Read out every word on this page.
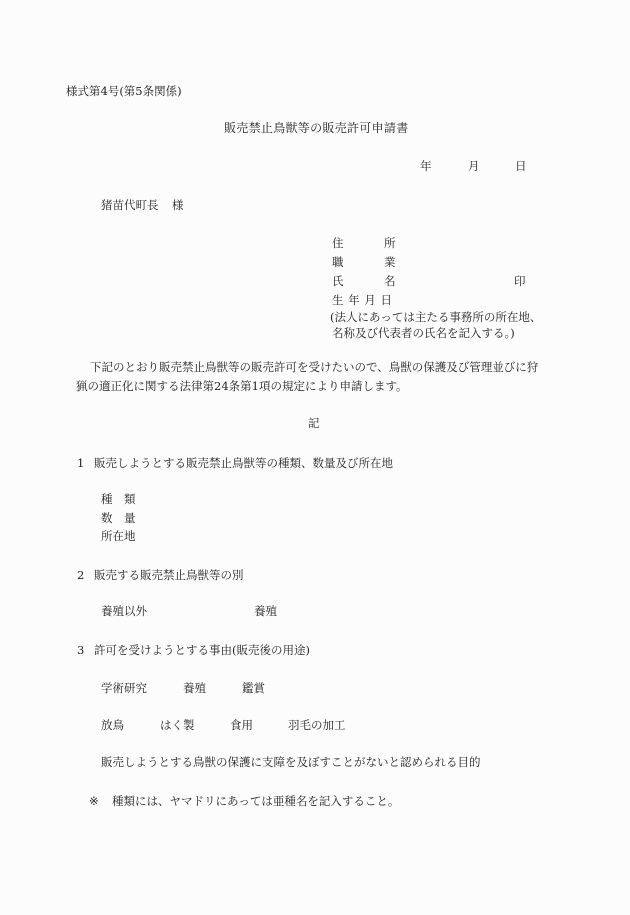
様式第4号(第5条関係)
販売禁止鳥獣等の販売許可申請書
年	月	日
猪苗代町長 様
住	所
職	業
氏	名	印
生 年 月 日
(法人にあっては主たる事務所の所在地、
名称及び代表者の氏名を記入する。)
下記のとおり販売禁止鳥獣等の販売許可を受けたいので、鳥獣の保護及び管理並びに狩
猟の適正化に関する法律第24条第1項の規定により申請します。
記
1 販売しようとする販売禁止鳥獣等の種類、数量及び所在地
種　類
数　量
所在地
2 販売する販売禁止鳥獣等の別
養殖以外	養殖
3 許可を受けようとする事由(販売後の用途)
学術研究	養殖	鑑賞
放鳥	はく製	食用	羽毛の加工
販売しようとする鳥獣の保護に支障を及ぼすことがないと認められる目的
※ 種類には、ヤマドリにあっては亜種名を記入すること。
